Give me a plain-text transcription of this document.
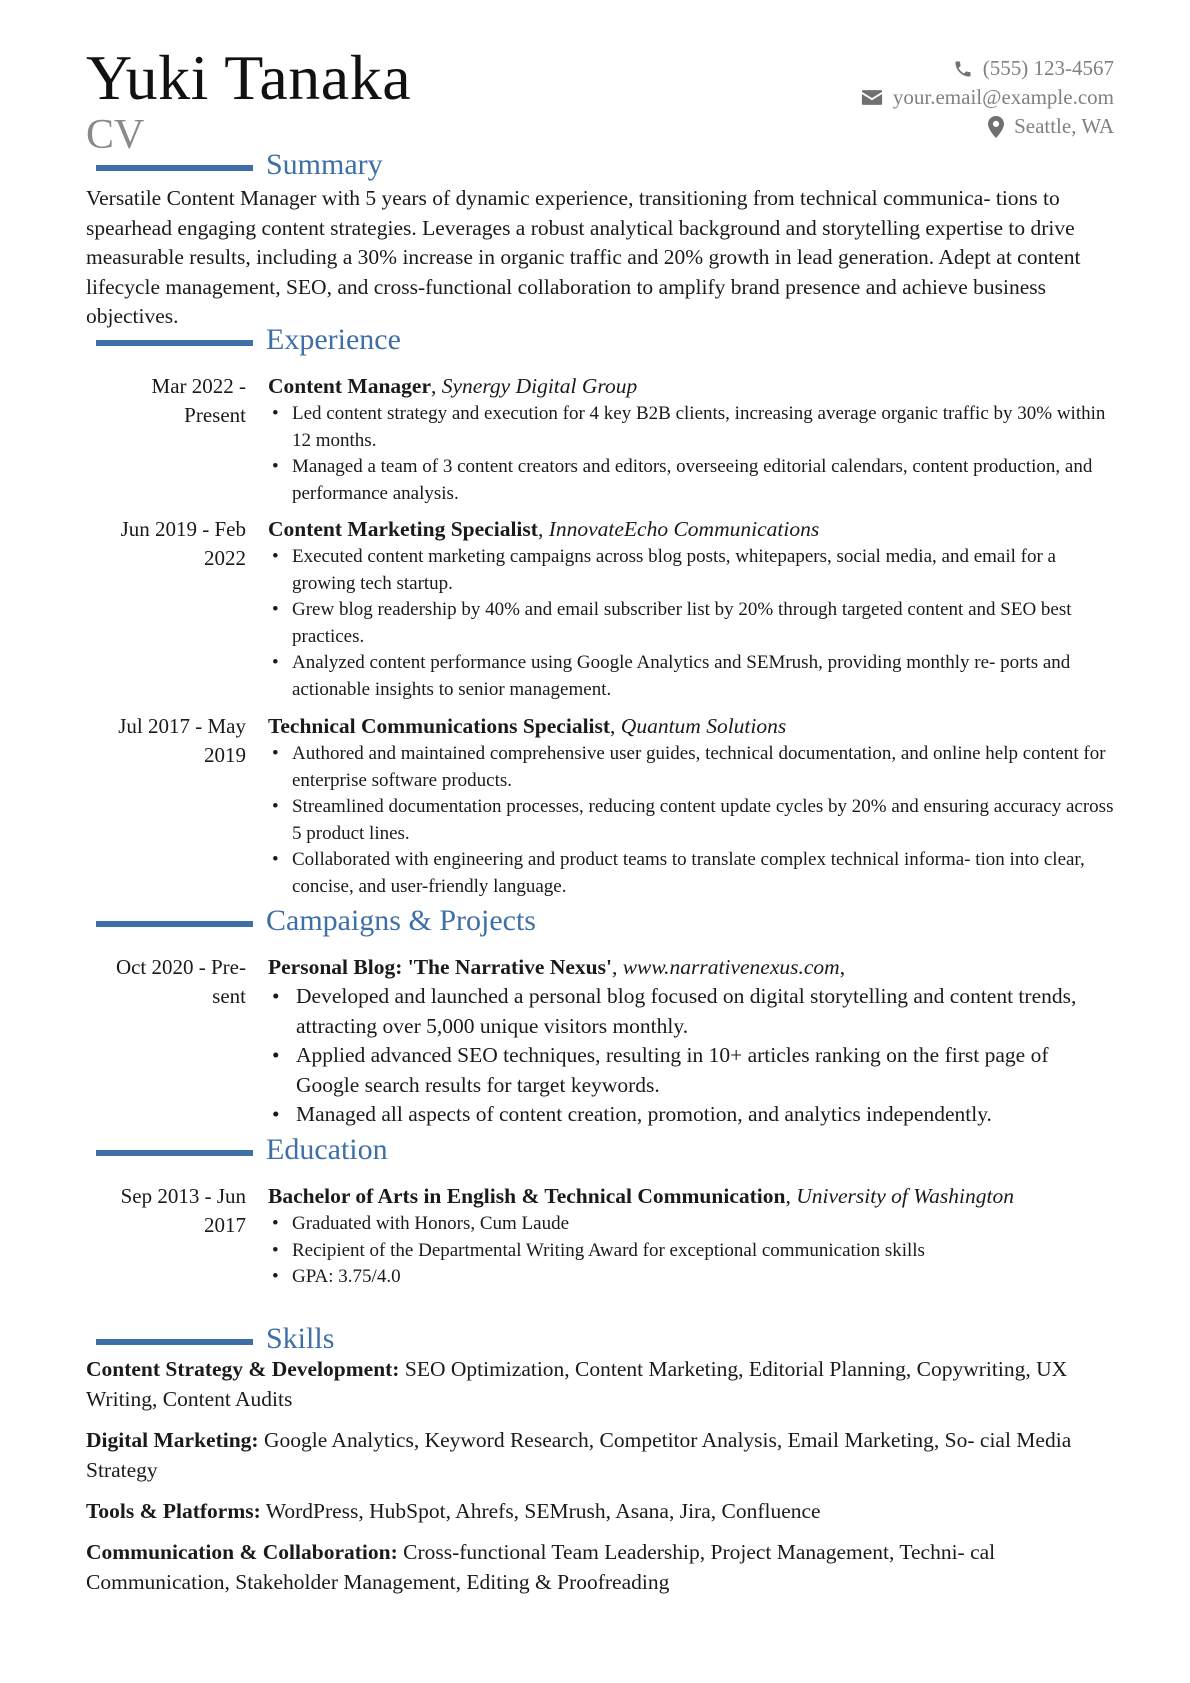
Yuki Tanaka
CV
(555) 123-4567
your.email@example.com
Seattle, WA
Summary
Versatile Content Manager with 5 years of dynamic experience, transitioning from technical communica- tions to spearhead engaging content strategies. Leverages a robust analytical background and storytelling expertise to drive measurable results, including a 30% increase in organic traffic and 20% growth in lead generation. Adept at content lifecycle management, SEO, and cross-functional collaboration to amplify brand presence and achieve business objectives.
Experience
Mar 2022 - Present
Content Manager, Synergy Digital Group
• Led content strategy and execution for 4 key B2B clients, increasing average organic traffic by 30% within 12 months.
• Managed a team of 3 content creators and editors, overseeing editorial calendars, content production, and performance analysis.
Jun 2019 - Feb 2022
Content Marketing Specialist, InnovateEcho Communications
• Executed content marketing campaigns across blog posts, whitepapers, social media, and email for a growing tech startup.
• Grew blog readership by 40% and email subscriber list by 20% through targeted content and SEO best practices.
• Analyzed content performance using Google Analytics and SEMrush, providing monthly re- ports and actionable insights to senior management.
Jul 2017 - May 2019
Technical Communications Specialist, Quantum Solutions
• Authored and maintained comprehensive user guides, technical documentation, and online help content for enterprise software products.
• Streamlined documentation processes, reducing content update cycles by 20% and ensuring accuracy across 5 product lines.
• Collaborated with engineering and product teams to translate complex technical informa- tion into clear, concise, and user-friendly language.
Campaigns & Projects
Oct 2020 - Pre- sent
Personal Blog: 'The Narrative Nexus', www.narrativenexus.com,
• Developed and launched a personal blog focused on digital storytelling and content trends, attracting over 5,000 unique visitors monthly.
• Applied advanced SEO techniques, resulting in 10+ articles ranking on the first page of Google search results for target keywords.
• Managed all aspects of content creation, promotion, and analytics independently.
Education
Sep 2013 - Jun 2017
Bachelor of Arts in English & Technical Communication, University of Washington
• Graduated with Honors, Cum Laude
• Recipient of the Departmental Writing Award for exceptional communication skills
• GPA: 3.75/4.0
Skills
Content Strategy & Development: SEO Optimization, Content Marketing, Editorial Planning, Copywriting, UX Writing, Content Audits
Digital Marketing: Google Analytics, Keyword Research, Competitor Analysis, Email Marketing, So- cial Media Strategy
Tools & Platforms: WordPress, HubSpot, Ahrefs, SEMrush, Asana, Jira, Confluence
Communication & Collaboration: Cross-functional Team Leadership, Project Management, Techni- cal Communication, Stakeholder Management, Editing & Proofreading
